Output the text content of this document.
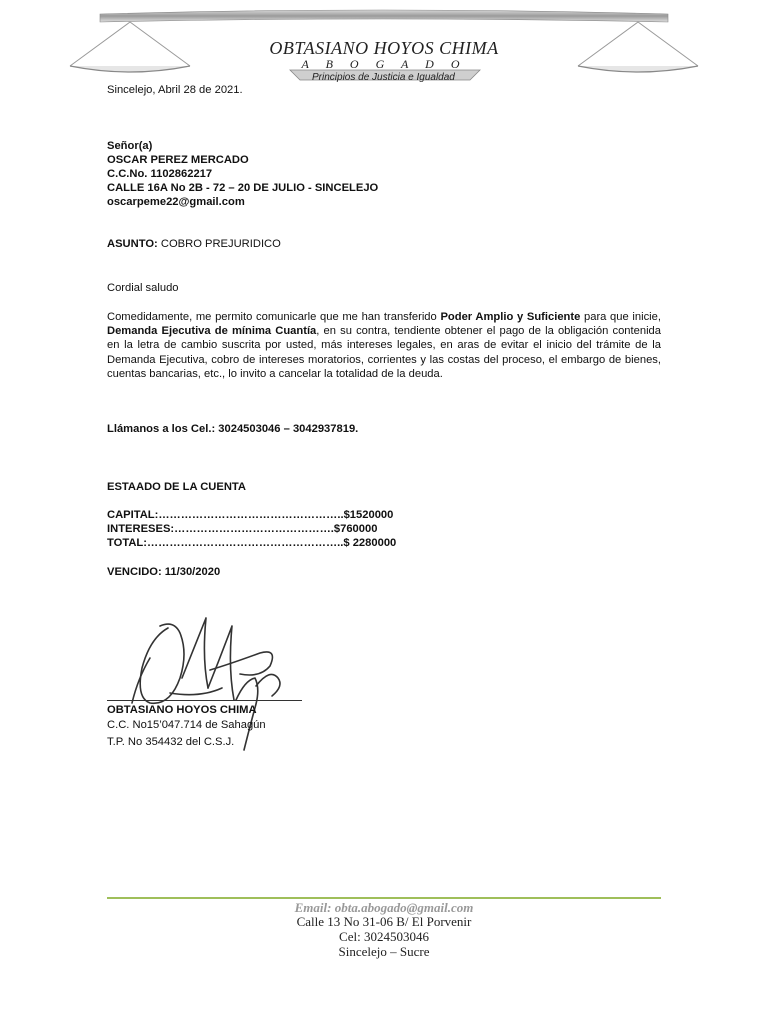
OBTASIANO HOYOS CHIMA
A B O G A D O
Principios de Justicia e Igualdad
Sincelejo, Abril 28 de 2021.
Señor(a)
OSCAR PEREZ MERCADO
C.C.No. 1102862217
CALLE 16A No 2B - 72 – 20 DE JULIO - SINCELEJO
oscarpeme22@gmail.com
ASUNTO: COBRO PREJURIDICO
Cordial saludo
Comedidamente, me permito comunicarle que me han transferido Poder Amplio y Suficiente para que inicie, Demanda Ejecutiva de mínima Cuantía, en su contra, tendiente obtener el pago de la obligación contenida en la letra de cambio suscrita por usted, más intereses legales, en aras de evitar el inicio del trámite de la Demanda Ejecutiva, cobro de intereses moratorios, corrientes y las costas del proceso, el embargo de bienes, cuentas bancarias, etc., lo invito a cancelar la totalidad de la deuda.
Llámanos a los Cel.: 3024503046 – 3042937819.
ESTAADO DE LA CUENTA
CAPITAL:…………………………………………..$1520000
INTERESES:…………………………………….$760000
TOTAL:……………………………………………..$ 2280000
VENCIDO: 11/30/2020
OBTASIANO HOYOS CHIMA
C.C. No15’047.714 de Sahagún
T.P. No 354432 del C.S.J.
Email: obta.abogado@gmail.com
Calle 13 No 31-06 B/ El Porvenir
Cel: 3024503046
Sincelejo – Sucre
